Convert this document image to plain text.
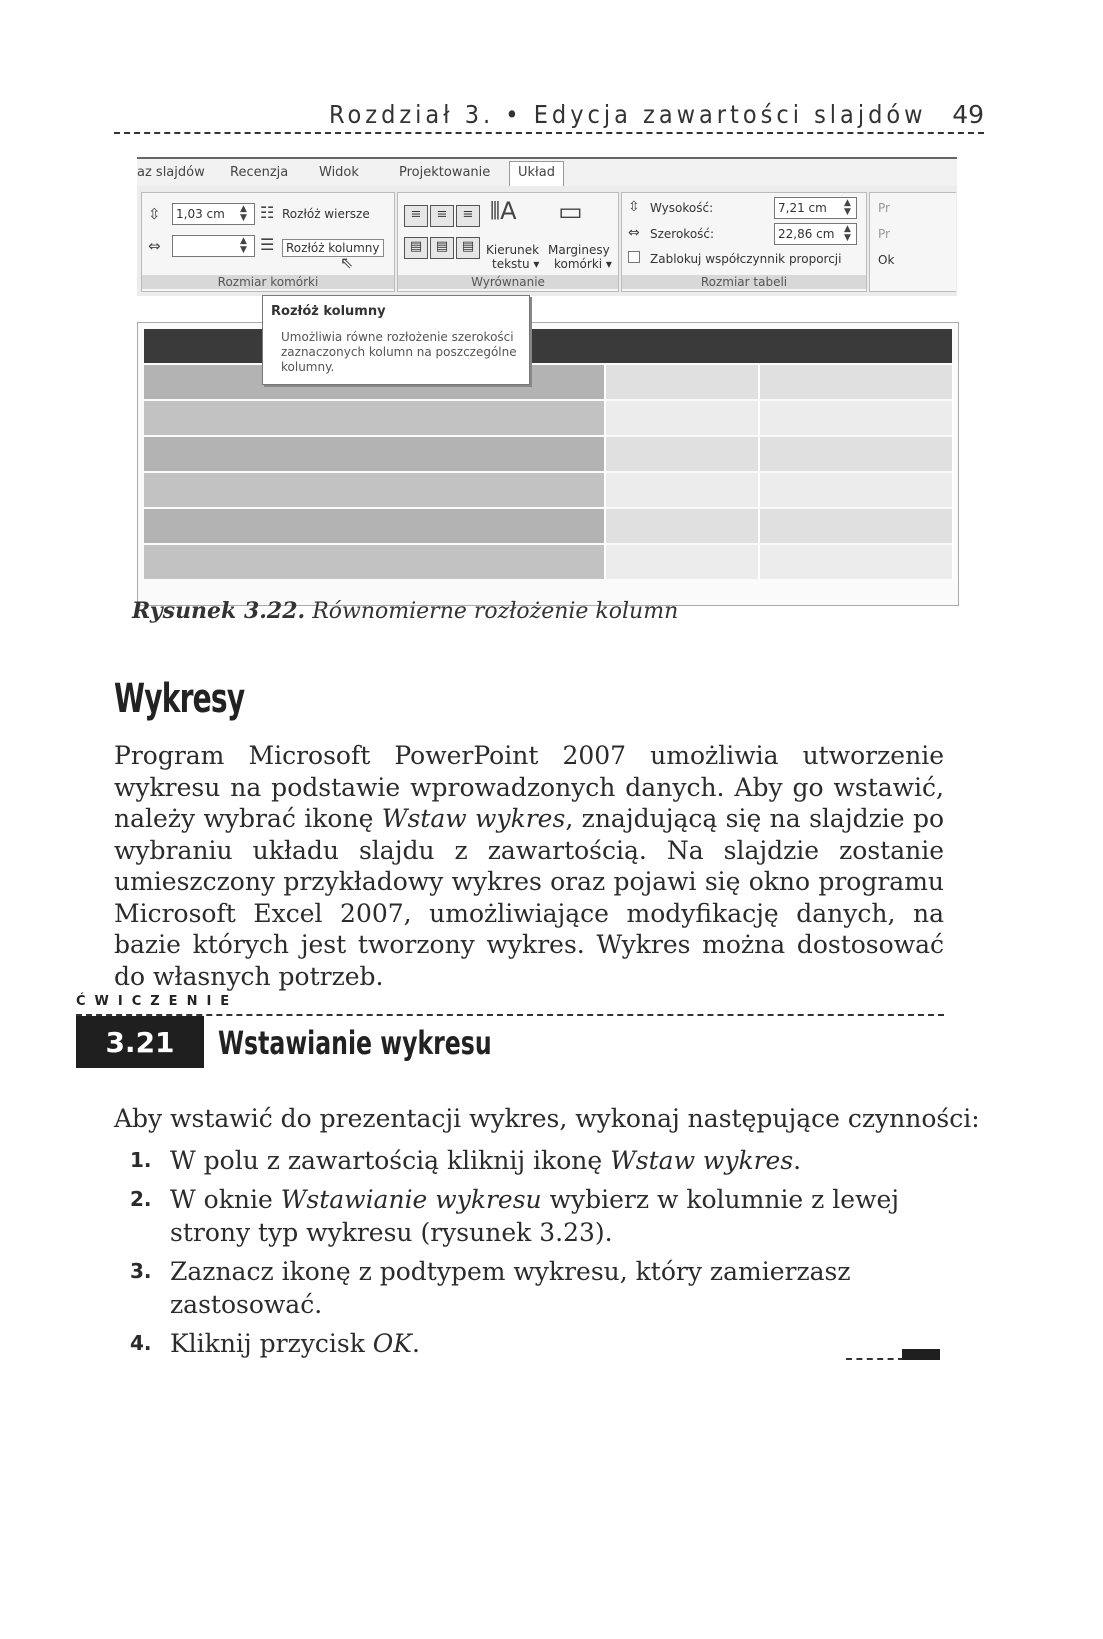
Rozdział 3. • Edycja zawartości slajdów 49
az slajdów Recenzja Widok	Projektowanie	Układ
⇳	1,03 cm	▲
▼ ☷ Rozłóż wiersze
⇔	▲
▼ ☰ Rozłóż kolumny
⇖
Rozmiar komórki
≡	≡	≡
▤	▤	▤
⫴A ▭
Kierunek
tekstu ▾
Marginesy
komórki ▾
Wyrównanie
⇳ Wysokość:	7,21 cm	▲
▼
⇔ Szerokość:	22,86 cm	▲
▼
Zablokuj współczynnik proporcji
Rozmiar tabeli
Pr
Pr
Ok
Rozłóż kolumny
Umożliwia równe rozłożenie szerokości zaznaczonych kolumn na poszczególne kolumny.
Rysunek 3.22. Równomierne rozłożenie kolumn
Wykresy
Program Microsoft PowerPoint 2007 umożliwia utworzenie wykresu na podstawie wprowadzonych danych. Aby go wstawić, należy wybrać ikonę Wstaw wykres, znajdującą się na slajdzie po wybraniu układu slajdu z zawartością. Na slajdzie zostanie umieszczony przykładowy wykres oraz pojawi się okno programu Microsoft Excel 2007, umożliwiające modyfikację danych, na bazie których jest tworzony wykres. Wykres można dostosować do własnych potrzeb.
ĆWICZENIE
3.21	Wstawianie wykresu
Aby wstawić do prezentacji wykres, wykonaj następujące czynności:
1. W polu z zawartością kliknij ikonę Wstaw wykres.
2. W oknie Wstawianie wykresu wybierz w kolumnie z lewej strony typ wykresu (rysunek 3.23).
3. Zaznacz ikonę z podtypem wykresu, który zamierzasz zastosować.
4. Kliknij przycisk OK.
